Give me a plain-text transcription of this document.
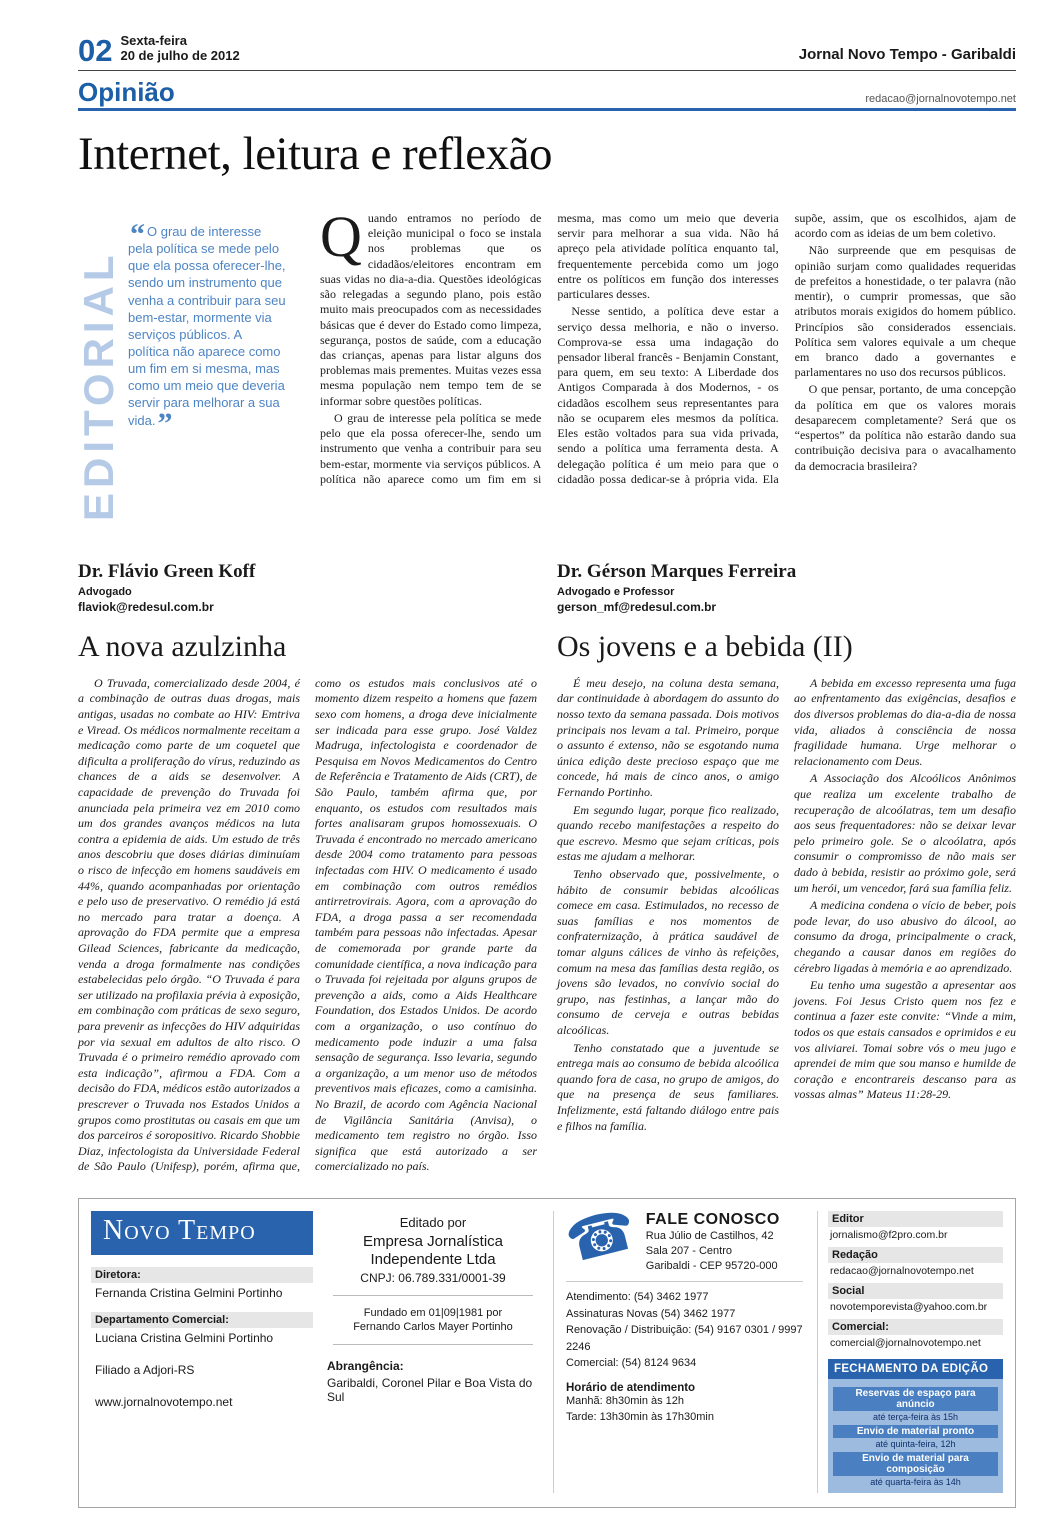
02 Sexta-feira
20 de julho de 2012	Jornal Novo Tempo - Garibaldi
Opinião	redacao@jornalnovotempo.net
Internet, leitura e reflexão
EDITORIAL
“ O grau de interesse pela política se mede pelo que ela possa oferecer-lhe, sendo um instrumento que venha a contribuir para seu bem-estar, mormente via serviços públicos. A política não aparece como um fim em si mesma, mas como um meio que deveria servir para melhorar a sua vida.”

Quando entramos no período de eleição municipal o foco se instala nos problemas que os cidadãos/eleitores encontram em suas vidas no dia-a-dia. Questões ideológicas são relegadas a segundo plano, pois estão muito mais preocupados com as necessidades básicas que é dever do Estado como limpeza, segurança, postos de saúde, com a educação das crianças, apenas para listar alguns dos problemas mais prementes. Muitas vezes essa mesma população nem tempo tem de se informar sobre questões políticas.

O grau de interesse pela política se mede pelo que ela possa oferecer-lhe, sendo um instrumento que venha a contribuir para seu bem-estar, mormente via serviços públicos. A política não aparece como um fim em si mesma, mas como um meio que deveria servir para melhorar a sua vida. Não há apreço pela atividade política enquanto tal, frequentemente percebida como um jogo entre os políticos em função dos interesses particulares desses.

Nesse sentido, a política deve estar a serviço dessa melhoria, e não o inverso. Comprova-se essa uma indagação do pensador liberal francês - Benjamin Constant, para quem, em seu texto: A Liberdade dos Antigos Comparada à dos Modernos, - os cidadãos escolhem seus representantes para não se ocuparem eles mesmos da política. Eles estão voltados para sua vida privada, sendo a política uma ferramenta desta. A delegação política é um meio para que o cidadão possa dedicar-se à própria vida. Ela supõe, assim, que os escolhidos, ajam de acordo com as ideias de um bem coletivo.

Não surpreende que em pesquisas de opinião surjam como qualidades requeridas de prefeitos a honestidade, o ter palavra (não mentir), o cumprir promessas, que são atributos morais exigidos do homem público. Princípios são considerados essenciais. Política sem valores equivale a um cheque em branco dado a governantes e parlamentares no uso dos recursos públicos.

O que pensar, portanto, de uma concepção da política em que os valores morais desaparecem completamente? Será que os “espertos” da política não estarão dando sua contribuição decisiva para o avacalhamento da democracia brasileira?

Dr. Flávio Green Koff
Advogado
flaviok@redesul.com.br
A nova azulzinha

O Truvada, comercializado desde 2004, é a combinação de outras duas drogas, mais antigas, usadas no combate ao HIV: Emtriva e Viread. Os médicos normalmente receitam a medicação como parte de um coquetel que dificulta a proliferação do vírus, reduzindo as chances de a aids se desenvolver. A capacidade de prevenção do Truvada foi anunciada pela primeira vez em 2010 como um dos grandes avanços médicos na luta contra a epidemia de aids. Um estudo de três anos descobriu que doses diárias diminuíam o risco de infecção em homens saudáveis em 44%, quando acompanhadas por orientação e pelo uso de preservativo. O remédio já está no mercado para tratar a doença. A aprovação do FDA permite que a empresa Gilead Sciences, fabricante da medicação, venda a droga formalmente nas condições estabelecidas pelo órgão. “O Truvada é para ser utilizado na profilaxia prévia à exposição, em combinação com práticas de sexo seguro, para prevenir as infecções do HIV adquiridas por via sexual em adultos de alto risco. O Truvada é o primeiro remédio aprovado com esta indicação”, afirmou a FDA. Com a decisão do FDA, médicos estão autorizados a prescrever o Truvada nos Estados Unidos a grupos como prostitutas ou casais em que um dos parceiros é soropositivo. Ricardo Shobbie Diaz, infectologista da Universidade Federal de São Paulo (Unifesp), porém, afirma que, como os estudos mais conclusivos até o momento dizem respeito a homens que fazem sexo com homens, a droga deve inicialmente ser indicada para esse grupo. José Valdez Madruga, infectologista e coordenador de Pesquisa em Novos Medicamentos do Centro de Referência e Tratamento de Aids (CRT), de São Paulo, também afirma que, por enquanto, os estudos com resultados mais fortes analisaram grupos homossexuais. O Truvada é encontrado no mercado americano desde 2004 como tratamento para pessoas infectadas com HIV. O medicamento é usado em combinação com outros remédios antirretrovirais. Agora, com a aprovação do FDA, a droga passa a ser recomendada também para pessoas não infectadas. Apesar de comemorada por grande parte da comunidade científica, a nova indicação para o Truvada foi rejeitada por alguns grupos de prevenção a aids, como a Aids Healthcare Foundation, dos Estados Unidos. De acordo com a organização, o uso contínuo do medicamento pode induzir a uma falsa sensação de segurança. Isso levaria, segundo a organização, a um menor uso de métodos preventivos mais eficazes, como a camisinha. No Brazil, de acordo com Agência Nacional de Vigilância Sanitária (Anvisa), o medicamento tem registro no órgão. Isso significa que está autorizado a ser comercializado no país.

Dr. Gérson Marques Ferreira
Advogado e Professor
gerson_mf@redesul.com.br
Os jovens e a bebida (II)

É meu desejo, na coluna desta semana, dar continuidade à abordagem do assunto do nosso texto da semana passada. Dois motivos principais nos levam a tal. Primeiro, porque o assunto é extenso, não se esgotando numa única edição deste precioso espaço que me concede, há mais de cinco anos, o amigo Fernando Portinho.

Em segundo lugar, porque fico realizado, quando recebo manifestações a respeito do que escrevo. Mesmo que sejam críticas, pois estas me ajudam a melhorar.

Tenho observado que, possivelmente, o hábito de consumir bebidas alcoólicas comece em casa. Estimulados, no recesso de suas famílias e nos momentos de confraternização, à prática saudável de tomar alguns cálices de vinho às refeições, comum na mesa das famílias desta região, os jovens são levados, no convívio social do grupo, nas festinhas, a lançar mão do consumo de cerveja e outras bebidas alcoólicas.

Tenho constatado que a juventude se entrega mais ao consumo de bebida alcoólica quando fora de casa, no grupo de amigos, do que na presença de seus familiares. Infelizmente, está faltando diálogo entre pais e filhos na família.

A bebida em excesso representa uma fuga ao enfrentamento das exigências, desafios e dos diversos problemas do dia-a-dia de nossa vida, aliados à consciência de nossa fragilidade humana. Urge melhorar o relacionamento com Deus.

A Associação dos Alcoólicos Anônimos que realiza um excelente trabalho de recuperação de alcoólatras, tem um desafio aos seus frequentadores: não se deixar levar pelo primeiro gole. Se o alcoólatra, após consumir o compromisso de não mais ser dado à bebida, resistir ao próximo gole, será um herói, um vencedor, fará sua família feliz.

A medicina condena o vício de beber, pois pode levar, do uso abusivo do álcool, ao consumo da droga, principalmente o crack, chegando a causar danos em regiões do cérebro ligadas à memória e ao aprendizado.

Eu tenho uma sugestão a apresentar aos jovens. Foi Jesus Cristo quem nos fez e continua a fazer este convite: “Vinde a mim, todos os que estais cansados e oprimidos e eu vos aliviarei. Tomai sobre vós o meu jugo e aprendei de mim que sou manso e humilde de coração e encontrareis descanso para as vossas almas” Mateus 11:28-29.

Novo Tempo
Diretora:
Fernanda Cristina Gelmini Portinho
Departamento Comercial:
Luciana Cristina Gelmini Portinho
Filiado a Adjori-RS
www.jornalnovotempo.net
Editado por
Empresa Jornalística Independente Ltda
CNPJ: 06.789.331/0001-39
Fundado em 01|09|1981 por Fernando Carlos Mayer Portinho
Abrangência:
Garibaldi, Coronel Pilar e Boa Vista do Sul
☎ FALE CONOSCO
Rua Júlio de Castilhos, 42
Sala 207 - Centro
Garibaldi - CEP 95720-000
Atendimento: (54) 3462 1977
Assinaturas Novas (54) 3462 1977
Renovação / Distribuição: (54) 9167 0301 / 9997 2246
Comercial: (54) 8124 9634
Horário de atendimento
Manhã: 8h30min às 12h
Tarde: 13h30min às 17h30min
Editor
jornalismo@f2pro.com.br
Redação
redacao@jornalnovotempo.net
Social
novotemporevista@yahoo.com.br
Comercial:
comercial@jornalnovotempo.net
FECHAMENTO DA EDIÇÃO
Reservas de espaço para anúncio
até terça-feira às 15h
Envio de material pronto
até quinta-feira, 12h
Envio de material para composição
até quarta-feira às 14h
